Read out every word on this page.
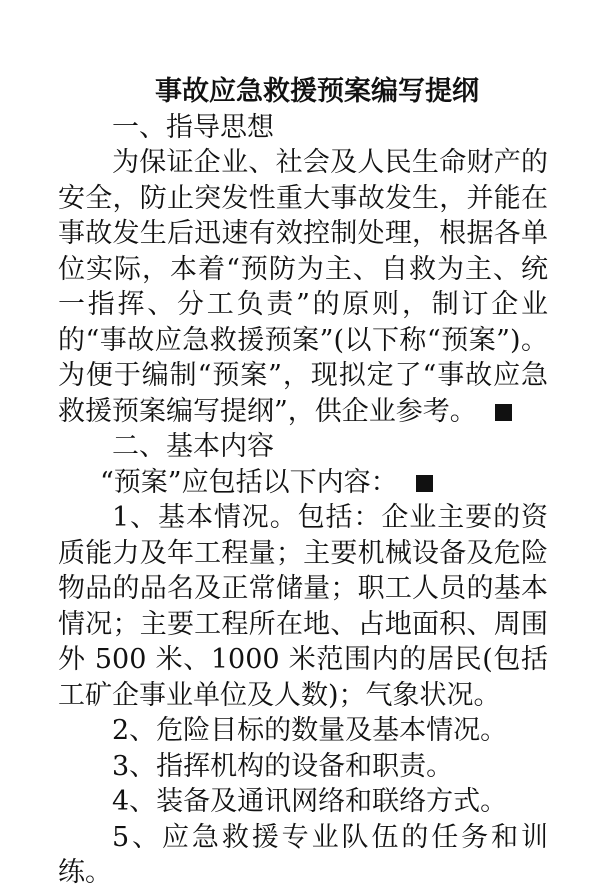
事故应急救援预案编写提纲

一、指导思想

为保证企业、社会及人民生命财产的安全，防止突发性重大事故发生，并能在事故发生后迅速有效控制处理，根据各单位实际，本着“预防为主、自救为主、统一指挥、分工负责”的原则，制订企业的“事故应急救援预案”(以下称“预案”)。为便于编制“预案”，现拟定了“事故应急救援预案编写提纲”，供企业参考。

二、基本内容

“预案”应包括以下内容：

1、基本情况。包括：企业主要的资质能力及年工程量；主要机械设备及危险物品的品名及正常储量；职工人员的基本情况；主要工程所在地、占地面积、周围外 500 米、1000 米范围内的居民(包括工矿企事业单位及人数)；气象状况。

2、危险目标的数量及基本情况。

3、指挥机构的设备和职责。

4、装备及通讯网络和联络方式。

5、应急救援专业队伍的任务和训练。
